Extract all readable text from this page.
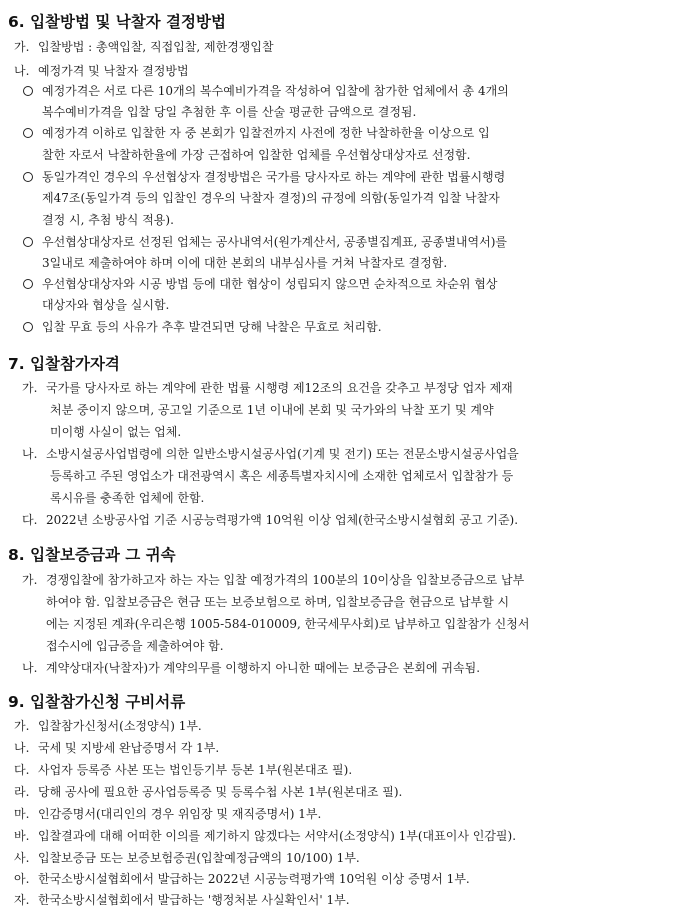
6. 입찰방법 및 낙찰자 결정방법
가. 입찰방법 : 총액입찰, 직접입찰, 제한경쟁입찰
나. 예정가격 및 낙찰자 결정방법
예정가격은 서로 다른 10개의 복수예비가격을 작성하여 입찰에 참가한 업체에서 총 4개의
복수예비가격을 입찰 당일 추첨한 후 이를 산술 평균한 금액으로 결정됨.
예정가격 이하로 입찰한 자 중 본회가 입찰전까지 사전에 정한 낙찰하한율 이상으로 입
찰한 자로서 낙찰하한율에 가장 근접하여 입찰한 업체를 우선협상대상자로 선정함.
동일가격인 경우의 우선협상자 결정방법은 국가를 당사자로 하는 계약에 관한 법률시행령
제47조(동일가격 등의 입찰인 경우의 낙찰자 결정)의 규정에 의함(동일가격 입찰 낙찰자
결정 시, 추첨 방식 적용).
우선협상대상자로 선정된 업체는 공사내역서(원가계산서, 공종별집계표, 공종별내역서)를
3일내로 제출하여야 하며 이에 대한 본회의 내부심사를 거쳐 낙찰자로 결정함.
우선협상대상자와 시공 방법 등에 대한 협상이 성립되지 않으면 순차적으로 차순위 협상
대상자와 협상을 실시함.
입찰 무효 등의 사유가 추후 발견되면 당해 낙찰은 무효로 처리함.
7. 입찰참가자격
가. 국가를 당사자로 하는 계약에 관한 법률 시행령 제12조의 요건을 갖추고 부정당 업자 제재
처분 중이지 않으며, 공고일 기준으로 1년 이내에 본회 및 국가와의 낙찰 포기 및 계약
미이행 사실이 없는 업체.
나. 소방시설공사업법령에 의한 일반소방시설공사업(기계 및 전기) 또는 전문소방시설공사업을
등록하고 주된 영업소가 대전광역시 혹은 세종특별자치시에 소재한 업체로서 입찰참가 등
록시유를 충족한 업체에 한함.
다. 2022년 소방공사업 기준 시공능력평가액 10억원 이상 업체(한국소방시설협회 공고 기준).
8. 입찰보증금과 그 귀속
가. 경쟁입찰에 참가하고자 하는 자는 입찰 예정가격의 100분의 10이상을 입찰보증금으로 납부
하여야 함. 입찰보증금은 현금 또는 보증보험으로 하며, 입찰보증금을 현금으로 납부할 시
에는 지정된 계좌(우리은행 1005-584-010009, 한국세무사회)로 납부하고 입찰참가 신청서
접수시에 입금증을 제출하여야 함.
나. 계약상대자(낙찰자)가 계약의무를 이행하지 아니한 때에는 보증금은 본회에 귀속됨.
9. 입찰참가신청 구비서류
가. 입찰참가신청서(소정양식) 1부.
나. 국세 및 지방세 완납증명서 각 1부.
다. 사업자 등록증 사본 또는 법인등기부 등본 1부(원본대조 필).
라. 당해 공사에 필요한 공사업등록증 및 등록수첩 사본 1부(원본대조 필).
마. 인감증명서(대리인의 경우 위임장 및 재직증명서) 1부.
바. 입찰결과에 대해 어떠한 이의를 제기하지 않겠다는 서약서(소정양식) 1부(대표이사 인감필).
사. 입찰보증금 또는 보증보험증권(입찰예정금액의 10/100) 1부.
아. 한국소방시설협회에서 발급하는 2022년 시공능력평가액 10억원 이상 증명서 1부.
자. 한국소방시설협회에서 발급하는 '행정처분 사실확인서' 1부.
